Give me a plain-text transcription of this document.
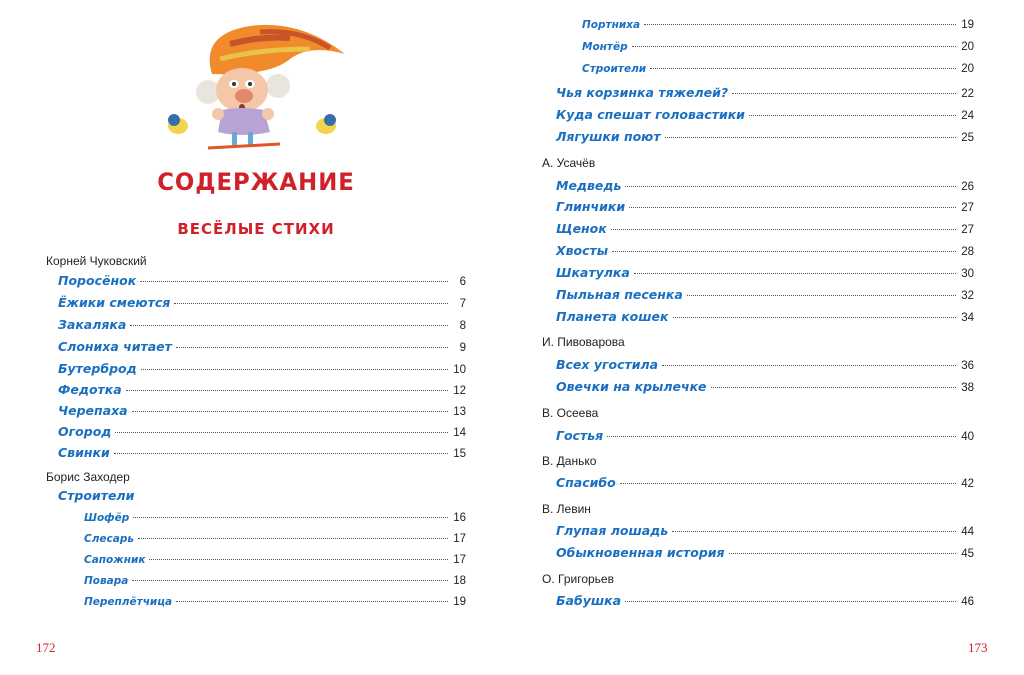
СОДЕРЖАНИЕ
ВЕСЁЛЫЕ СТИХИ
Корней Чуковский
Поросёнок	6
Ёжики смеются	7
Закаляка	8
Слониха читает	9
Бутерброд	10
Федотка	12
Черепаха	13
Огород	14
Свинки	15
Борис Заходер
Строители
Шофёр	16
Слесарь	17
Сапожник	17
Повара	18
Переплётчица	19
172
Портниха	19
Монтёр	20
Строители	20
Чья корзинка тяжелей?	22
Куда спешат головастики	24
Лягушки поют	25
А. Усачёв
Медведь	26
Глинчики	27
Щенок	27
Хвосты	28
Шкатулка	30
Пыльная песенка	32
Планета кошек	34
И. Пивоварова
Всех угостила	36
Овечки на крылечке	38
В. Осеева
Гостья	40
В. Данько
Спасибо	42
В. Левин
Глупая лошадь	44
Обыкновенная история	45
О. Григорьев
Бабушка	46
173
